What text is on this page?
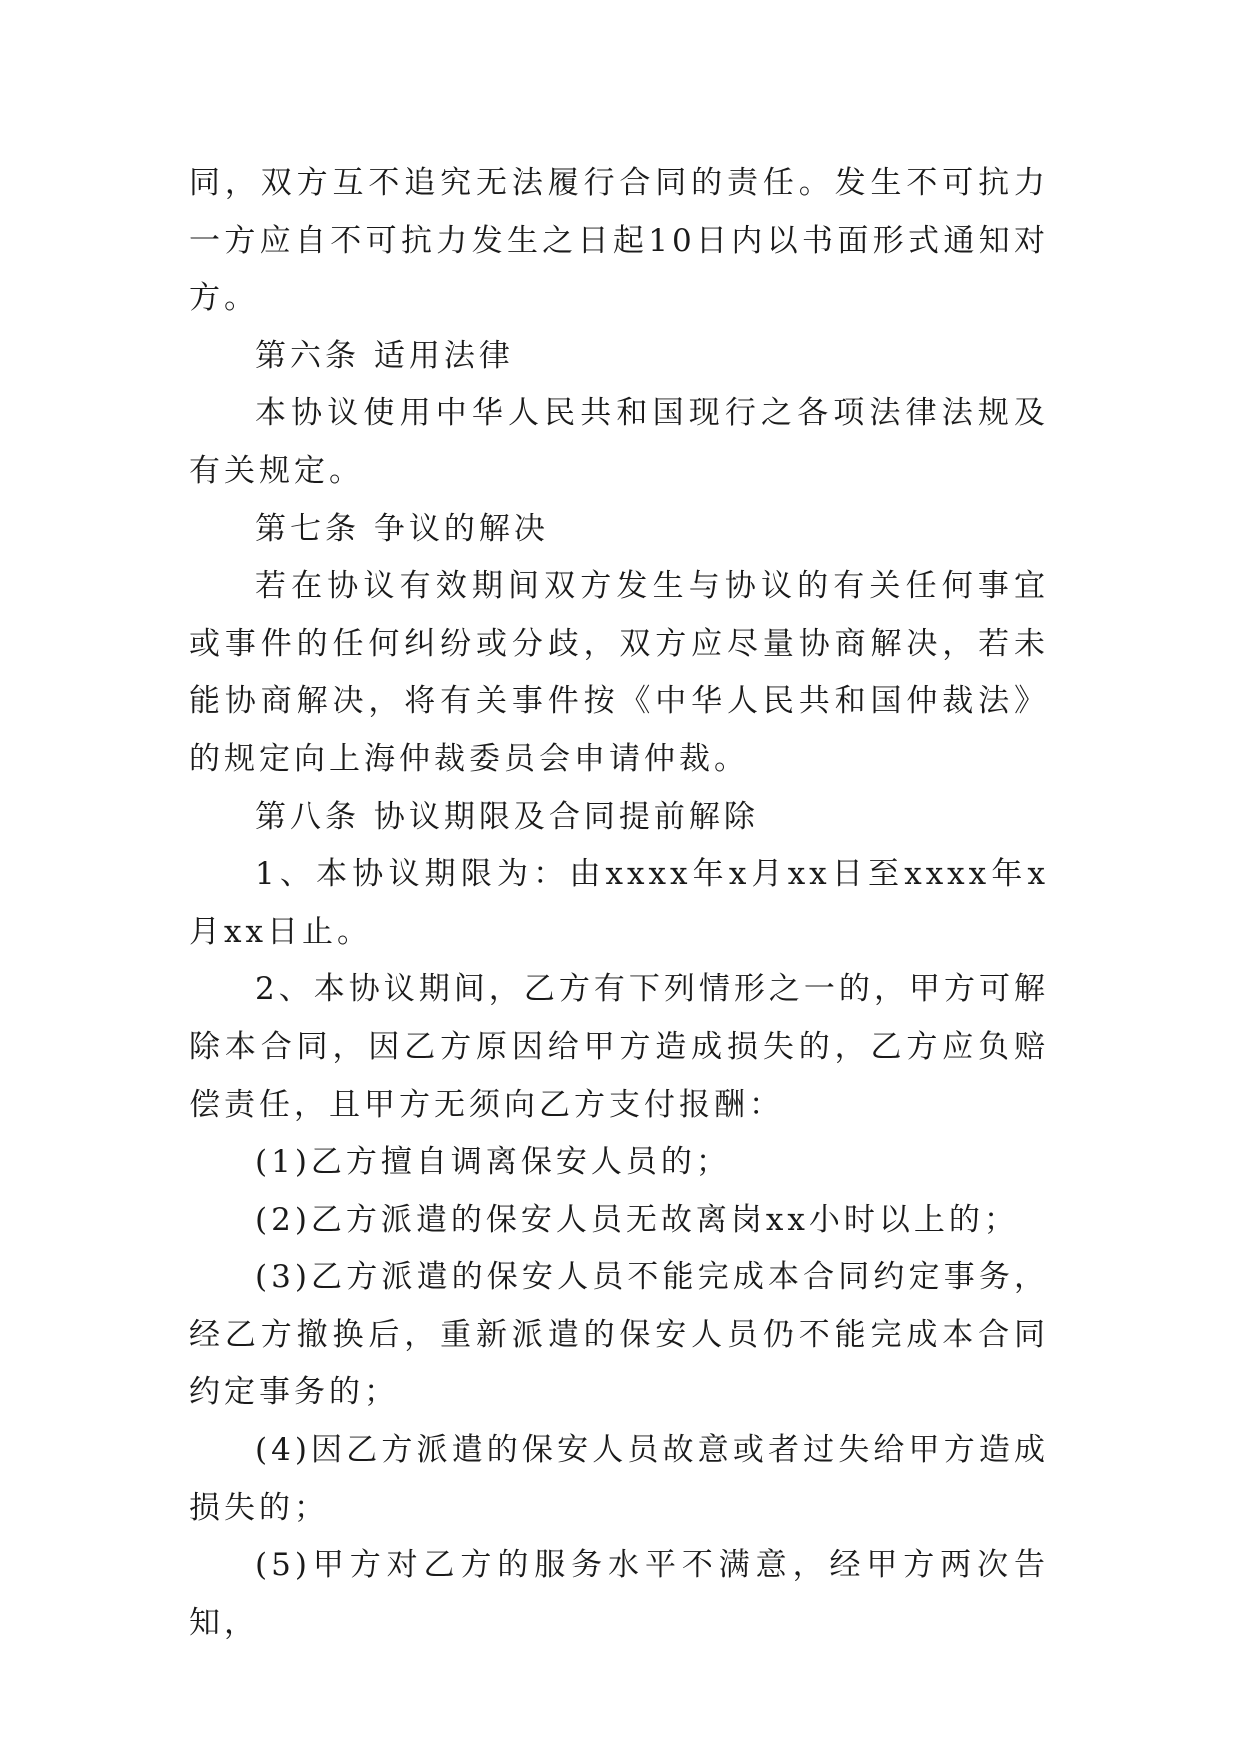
同，双方互不追究无法履行合同的责任。发生不可抗力一方应自不可抗力发生之日起10日内以书面形式通知对方。

第六条 适用法律

本协议使用中华人民共和国现行之各项法律法规及有关规定。

第七条 争议的解决

若在协议有效期间双方发生与协议的有关任何事宜或事件的任何纠纷或分歧，双方应尽量协商解决，若未能协商解决，将有关事件按《中华人民共和国仲裁法》的规定向上海仲裁委员会申请仲裁。

第八条 协议期限及合同提前解除

1、本协议期限为：由xxxx年x月xx日至xxxx年x月xx日止。

2、本协议期间，乙方有下列情形之一的，甲方可解除本合同，因乙方原因给甲方造成损失的，乙方应负赔偿责任，且甲方无须向乙方支付报酬：

(1)乙方擅自调离保安人员的；

(2)乙方派遣的保安人员无故离岗xx小时以上的；

(3)乙方派遣的保安人员不能完成本合同约定事务，经乙方撤换后，重新派遣的保安人员仍不能完成本合同约定事务的；

(4)因乙方派遣的保安人员故意或者过失给甲方造成损失的；

(5)甲方对乙方的服务水平不满意，经甲方两次告知，
